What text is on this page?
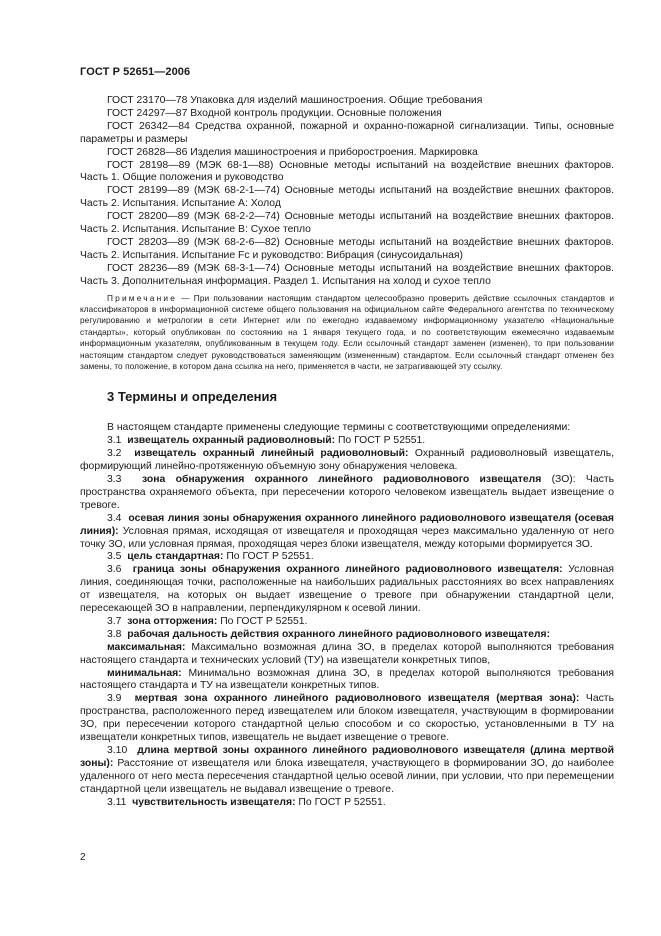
ГОСТ Р 52651—2006

ГОСТ 23170—78 Упаковка для изделий машиностроения. Общие требования

ГОСТ 24297—87 Входной контроль продукции. Основные положения

ГОСТ 26342—84 Средства охранной, пожарной и охранно-пожарной сигнализации. Типы, основные параметры и размеры

ГОСТ 26828—86 Изделия машиностроения и приборостроения. Маркировка

ГОСТ 28198—89 (МЭК 68-1—88) Основные методы испытаний на воздействие внешних факторов. Часть 1. Общие положения и руководство

ГОСТ 28199—89 (МЭК 68-2-1—74) Основные методы испытаний на воздействие внешних факторов. Часть 2. Испытания. Испытание А: Холод

ГОСТ 28200—89 (МЭК 68-2-2—74) Основные методы испытаний на воздействие внешних факторов. Часть 2. Испытания. Испытание В: Сухое тепло

ГОСТ 28203—89 (МЭК 68-2-6—82) Основные методы испытаний на воздействие внешних факторов. Часть 2. Испытания. Испытание Fc и руководство: Вибрация (синусоидальная)

ГОСТ 28236—89 (МЭК 68-3-1—74) Основные методы испытаний на воздействие внешних факторов. Часть 3. Дополнительная информация. Раздел 1. Испытания на холод и сухое тепло

Примечание — При пользовании настоящим стандартом целесообразно проверить действие ссылочных стандартов и классификаторов в информационной системе общего пользования на официальном сайте Федерального агентства по техническому регулированию и метрологии в сети Интернет или по ежегодно издаваемому информационному указателю «Национальные стандарты», который опубликован по состоянию на 1 января текущего года, и по соответствующим ежемесячно издаваемым информационным указателям, опубликованным в текущем году. Если ссылочный стандарт заменен (изменен), то при пользовании настоящим стандартом следует руководствоваться заменяющим (измененным) стандартом. Если ссылочный стандарт отменен без замены, то положение, в котором дана ссылка на него, применяется в части, не затрагивающей эту ссылку.

3 Термины и определения

В настоящем стандарте применены следующие термины с соответствующими определениями:

3.1 извещатель охранный радиоволновый: По ГОСТ Р 52551.

3.2 извещатель охранный линейный радиоволновый: Охранный радиоволновый извещатель, формирующий линейно-протяженную объемную зону обнаружения человека.

3.3 зона обнаружения охранного линейного радиоволнового извещателя (ЗО): Часть пространства охраняемого объекта, при пересечении которого человеком извещатель выдает извещение о тревоге.

3.4 осевая линия зоны обнаружения охранного линейного радиоволнового извещателя (осевая линия): Условная прямая, исходящая от извещателя и проходящая через максимально удаленную от него точку ЗО, или условная прямая, проходящая через блоки извещателя, между которыми формируется ЗО.

3.5 цель стандартная: По ГОСТ Р 52551.

3.6 граница зоны обнаружения охранного линейного радиоволнового извещателя: Условная линия, соединяющая точки, расположенные на наибольших радиальных расстояниях во всех направлениях от извещателя, на которых он выдает извещение о тревоге при обнаружении стандартной цели, пересекающей ЗО в направлении, перпендикулярном к осевой линии.

3.7 зона отторжения: По ГОСТ Р 52551.

3.8 рабочая дальность действия охранного линейного радиоволнового извещателя:

максимальная: Максимально возможная длина ЗО, в пределах которой выполняются требования настоящего стандарта и технических условий (ТУ) на извещатели конкретных типов,

минимальная: Минимально возможная длина ЗО, в пределах которой выполняются требования настоящего стандарта и ТУ на извещатели конкретных типов.

3.9 мертвая зона охранного линейного радиоволнового извещателя (мертвая зона): Часть пространства, расположенного перед извещателем или блоком извещателя, участвующим в формировании ЗО, при пересечении которого стандартной целью способом и со скоростью, установленными в ТУ на извещатели конкретных типов, извещатель не выдает извещение о тревоге.

3.10 длина мертвой зоны охранного линейного радиоволнового извещателя (длина мертвой зоны): Расстояние от извещателя или блока извещателя, участвующего в формировании ЗО, до наиболее удаленного от него места пересечения стандартной целью осевой линии, при условии, что при перемещении стандартной цели извещатель не выдавал извещение о тревоге.

3.11 чувствительность извещателя: По ГОСТ Р 52551.

2
